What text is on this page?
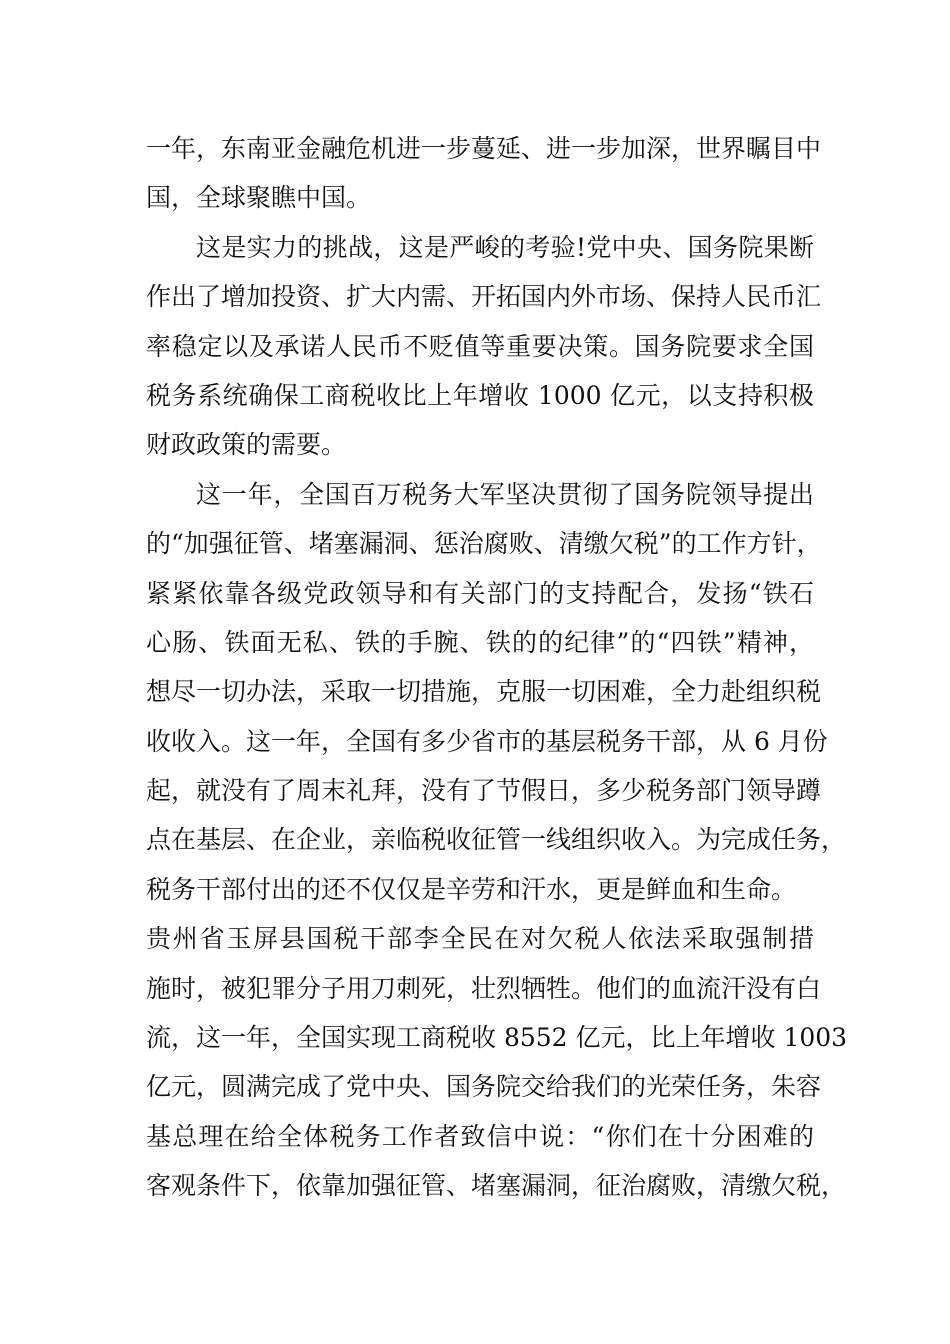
一年，东南亚金融危机进一步蔓延、进一步加深，世界瞩目中
国，全球聚瞧中国。
这是实力的挑战，这是严峻的考验!党中央、国务院果断
作出了增加投资、扩大内需、开拓国内外市场、保持人民币汇
率稳定以及承诺人民币不贬值等重要决策。国务院要求全国
税务系统确保工商税收比上年增收 1000 亿元，以支持积极
财政政策的需要。
这一年，全国百万税务大军坚决贯彻了国务院领导提出
的“加强征管、堵塞漏洞、惩治腐败、清缴欠税”的工作方针，
紧紧依靠各级党政领导和有关部门的支持配合，发扬“铁石
心肠、铁面无私、铁的手腕、铁的的纪律”的“四铁”精神，
想尽一切办法，采取一切措施，克服一切困难，全力赴组织税
收收入。这一年，全国有多少省市的基层税务干部，从 6 月份
起，就没有了周末礼拜，没有了节假日，多少税务部门领导蹲
点在基层、在企业，亲临税收征管一线组织收入。为完成任务，
税务干部付出的还不仅仅是辛劳和汗水，更是鲜血和生命。
贵州省玉屏县国税干部李全民在对欠税人依法采取强制措
施时，被犯罪分子用刀刺死，壮烈牺牲。他们的血流汗没有白
流，这一年，全国实现工商税收 8552 亿元，比上年增收 1003
亿元，圆满完成了党中央、国务院交给我们的光荣任务，朱容
基总理在给全体税务工作者致信中说：“你们在十分困难的
客观条件下，依靠加强征管、堵塞漏洞，征治腐败，清缴欠税，
